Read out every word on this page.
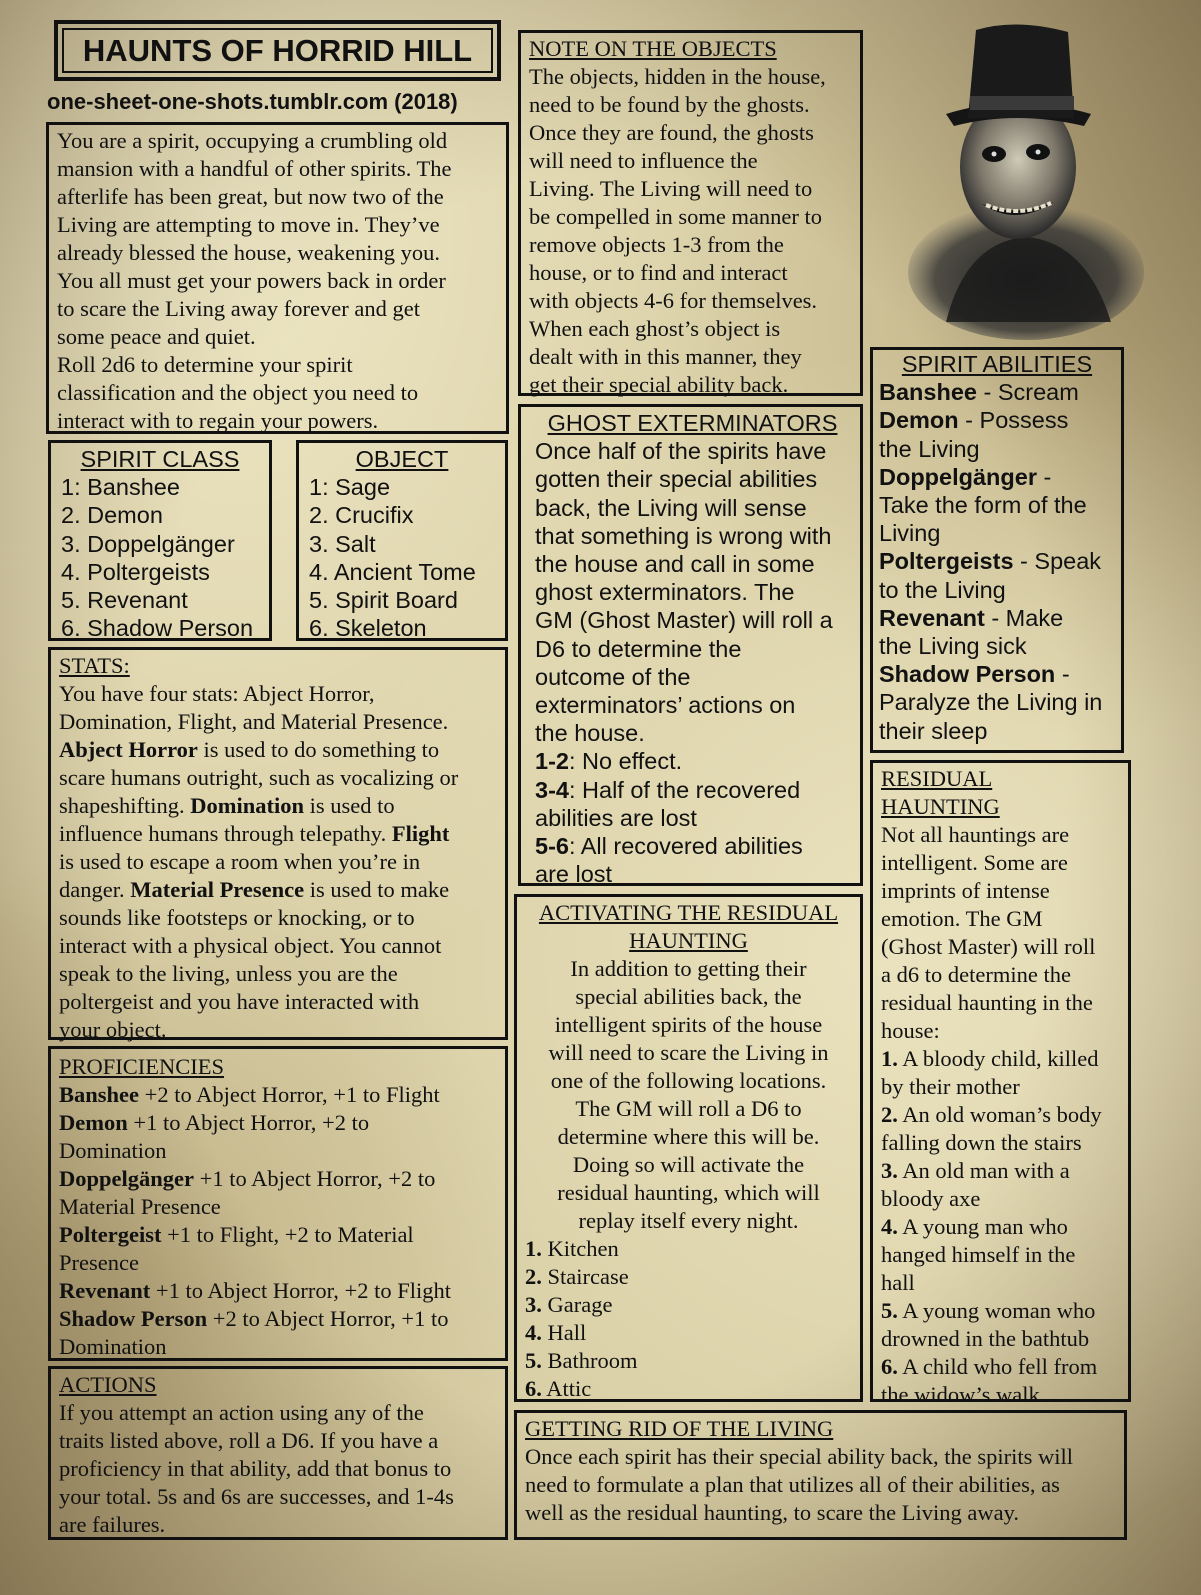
HAUNTS OF HORRID HILL
one-sheet-one-shots.tumblr.com (2018)

You are a spirit, occupying a crumbling old

mansion with a handful of other spirits. The

afterlife has been great, but now two of the

Living are attempting to move in. They’ve

already blessed the house, weakening you.

You all must get your powers back in order

to scare the Living away forever and get

some peace and quiet.

Roll 2d6 to determine your spirit

classification and the object you need to

interact with to regain your powers.

SPIRIT CLASS

1: Banshee

2. Demon

3. Doppelgänger

4. Poltergeists

5. Revenant

6. Shadow Person

OBJECT

1: Sage

2. Crucifix

3. Salt

4. Ancient Tome

5. Spirit Board

6. Skeleton

STATS:

You have four stats: Abject Horror,

Domination, Flight, and Material Presence.

Abject Horror is used to do something to

scare humans outright, such as vocalizing or

shapeshifting. Domination is used to

influence humans through telepathy. Flight

is used to escape a room when you’re in

danger. Material Presence is used to make

sounds like footsteps or knocking, or to

interact with a physical object. You cannot

speak to the living, unless you are the

poltergeist and you have interacted with

your object.

PROFICIENCIES

Banshee +2 to Abject Horror, +1 to Flight

Demon +1 to Abject Horror, +2 to

Domination

Doppelgänger +1 to Abject Horror, +2 to

Material Presence

Poltergeist +1 to Flight, +2 to Material

Presence

Revenant +1 to Abject Horror, +2 to Flight

Shadow Person +2 to Abject Horror, +1 to

Domination

ACTIONS

If you attempt an action using any of the

traits listed above, roll a D6. If you have a

proficiency in that ability, add that bonus to

your total. 5s and 6s are successes, and 1-4s

are failures.

NOTE ON THE OBJECTS

The objects, hidden in the house,

need to be found by the ghosts.

Once they are found, the ghosts

will need to influence the

Living. The Living will need to

be compelled in some manner to

remove objects 1-3 from the

house, or to find and interact

with objects 4-6 for themselves.

When each ghost’s object is

dealt with in this manner, they

get their special ability back.

GHOST EXTERMINATORS

Once half of the spirits have

gotten their special abilities

back, the Living will sense

that something is wrong with

the house and call in some

ghost exterminators. The

GM (Ghost Master) will roll a

D6 to determine the

outcome of the

exterminators’ actions on

the house.

1-2: No effect.

3-4: Half of the recovered

abilities are lost

5-6: All recovered abilities

are lost

ACTIVATING THE RESIDUAL

HAUNTING

In addition to getting their

special abilities back, the

intelligent spirits of the house

will need to scare the Living in

one of the following locations.

The GM will roll a D6 to

determine where this will be.

Doing so will activate the

residual haunting, which will

replay itself every night.

1. Kitchen

2. Staircase

3. Garage

4. Hall

5. Bathroom

6. Attic

SPIRIT ABILITIES

Banshee - Scream

Demon - Possess

the Living

Doppelgänger -

Take the form of the

Living

Poltergeists - Speak

to the Living

Revenant - Make

the Living sick

Shadow Person -

Paralyze the Living in

their sleep

RESIDUAL

HAUNTING

Not all hauntings are

intelligent. Some are

imprints of intense

emotion. The GM

(Ghost Master) will roll

a d6 to determine the

residual haunting in the

house:

1. A bloody child, killed

by their mother

2. An old woman’s body

falling down the stairs

3. An old man with a

bloody axe

4. A young man who

hanged himself in the

hall

5. A young woman who

drowned in the bathtub

6. A child who fell from

the widow’s walk

GETTING RID OF THE LIVING

Once each spirit has their special ability back, the spirits will

need to formulate a plan that utilizes all of their abilities, as

well as the residual haunting, to scare the Living away.
